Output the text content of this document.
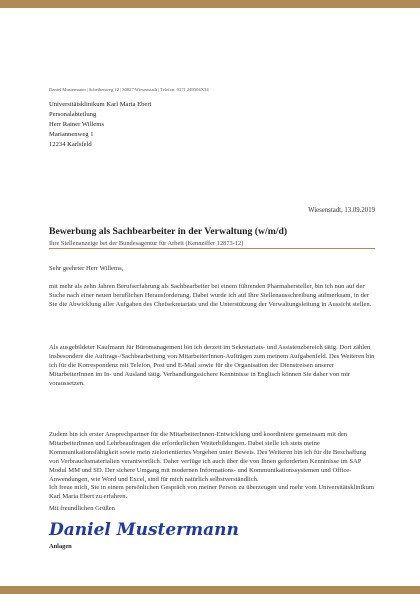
Daniel Mustermann | Scheibenweg 12 | 30827 Wiesenstadt | Telefon: 0171 249504X34
Universitätsklinikum Karl Maria Ebert
Personalabteilung
Herr Rainer Willems
Mariannenweg 1
12234 Karlsfeld
Wiesenstadt, 13.09.2019
Bewerbung als Sachbearbeiter in der Verwaltung (w/m/d)
Ihre Stellenanzeige bei der Bundesagentur für Arbeit (Kennziffer 12873-12)
Sehr geehrter Herr Willems,
mit mehr als zehn Jahren Berufserfahrung als Sachbearbeiter bei einem führenden Pharmahersteller, bin ich nun auf der Suche nach einer neuen beruflichen Herausforderung. Dabei wurde ich auf Ihre Stellenausschreibung aufmerksam, in der Sie die Abwicklung aller Aufgaben des Chefsekretariats und die Unterstützung der Verwaltungsleitung in Aussicht stellen.
Als ausgebildeter Kaufmann für Büromanagement bin ich derzeit im Sekretariats- und Assistenzbereich tätig. Dort zählen insbesondere die Auftrags-/Sachbearbeitung von MitarbeiterInnen-Aufträgen zum meinem Aufgabenfeld. Des Weiteren bin ich für die Korrespondenz mit Telefon, Post und E-Mail sowie für die Organisation der Dienstreisen unserer MitarbeiterInnen im In- und Ausland tätig. Verhandlungssichere Kenntnisse in Englisch können Sie daher von mir voraussetzen.
Zudem bin ich erster Ansprechpartner für die MitarbeiterInnen-Entwicklung und koordiniere gemeinsam mit den MitarbeiterInnen und Lehrbeauftragen die erforderlichen Weiterbildungen. Dabei stelle ich stets meine Kommunikationsfähigkeit sowie mein zielorientiertes Vorgehen unter Beweis. Des Weiteren bin ich für die Beschaffung von Verbrauchsmaterialien verantwortlich. Daher verfüge ich auch über die von Ihnen geforderten Kenntnisse im SAP Modul MM und SD. Der sichere Umgang mit modernen Informations- und Kommunikationssystemen und Office-Anwendungen, wie Word und Excel, sind für mich natürlich selbstverständlich.
Ich freue mich, Sie in einem persönlichen Gespräch von meiner Person zu überzeugen und mehr vom Universitätsklinikum Karl Maria Ebert zu erfahren.
Mit freundlichen Grüßen
Daniel Mustermann
Anlagen
